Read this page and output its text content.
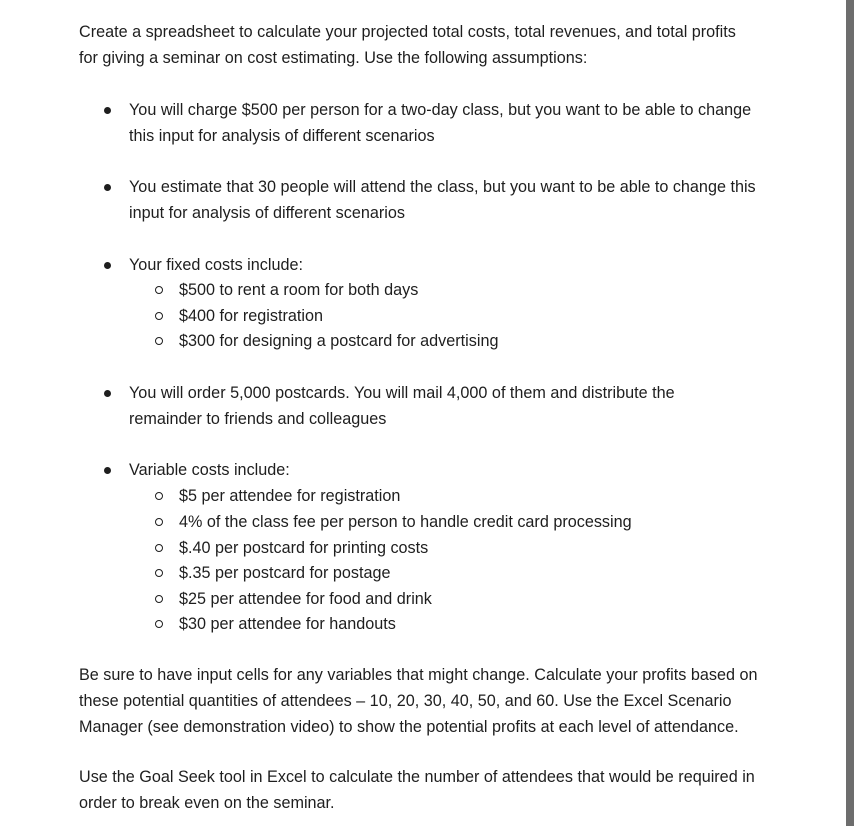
Create a spreadsheet to calculate your projected total costs, total revenues, and total profits
for giving a seminar on cost estimating. Use the following assumptions:
You will charge $500 per person for a two-day class, but you want to be able to change
this input for analysis of different scenarios
You estimate that 30 people will attend the class, but you want to be able to change this
input for analysis of different scenarios
Your fixed costs include:
$500 to rent a room for both days
$400 for registration
$300 for designing a postcard for advertising
You will order 5,000 postcards. You will mail 4,000 of them and distribute the
remainder to friends and colleagues
Variable costs include:
$5 per attendee for registration
4% of the class fee per person to handle credit card processing
$.40 per postcard for printing costs
$.35 per postcard for postage
$25 per attendee for food and drink
$30 per attendee for handouts
Be sure to have input cells for any variables that might change. Calculate your profits based on
these potential quantities of attendees – 10, 20, 30, 40, 50, and 60. Use the Excel Scenario
Manager (see demonstration video) to show the potential profits at each level of attendance.
Use the Goal Seek tool in Excel to calculate the number of attendees that would be required in
order to break even on the seminar.
